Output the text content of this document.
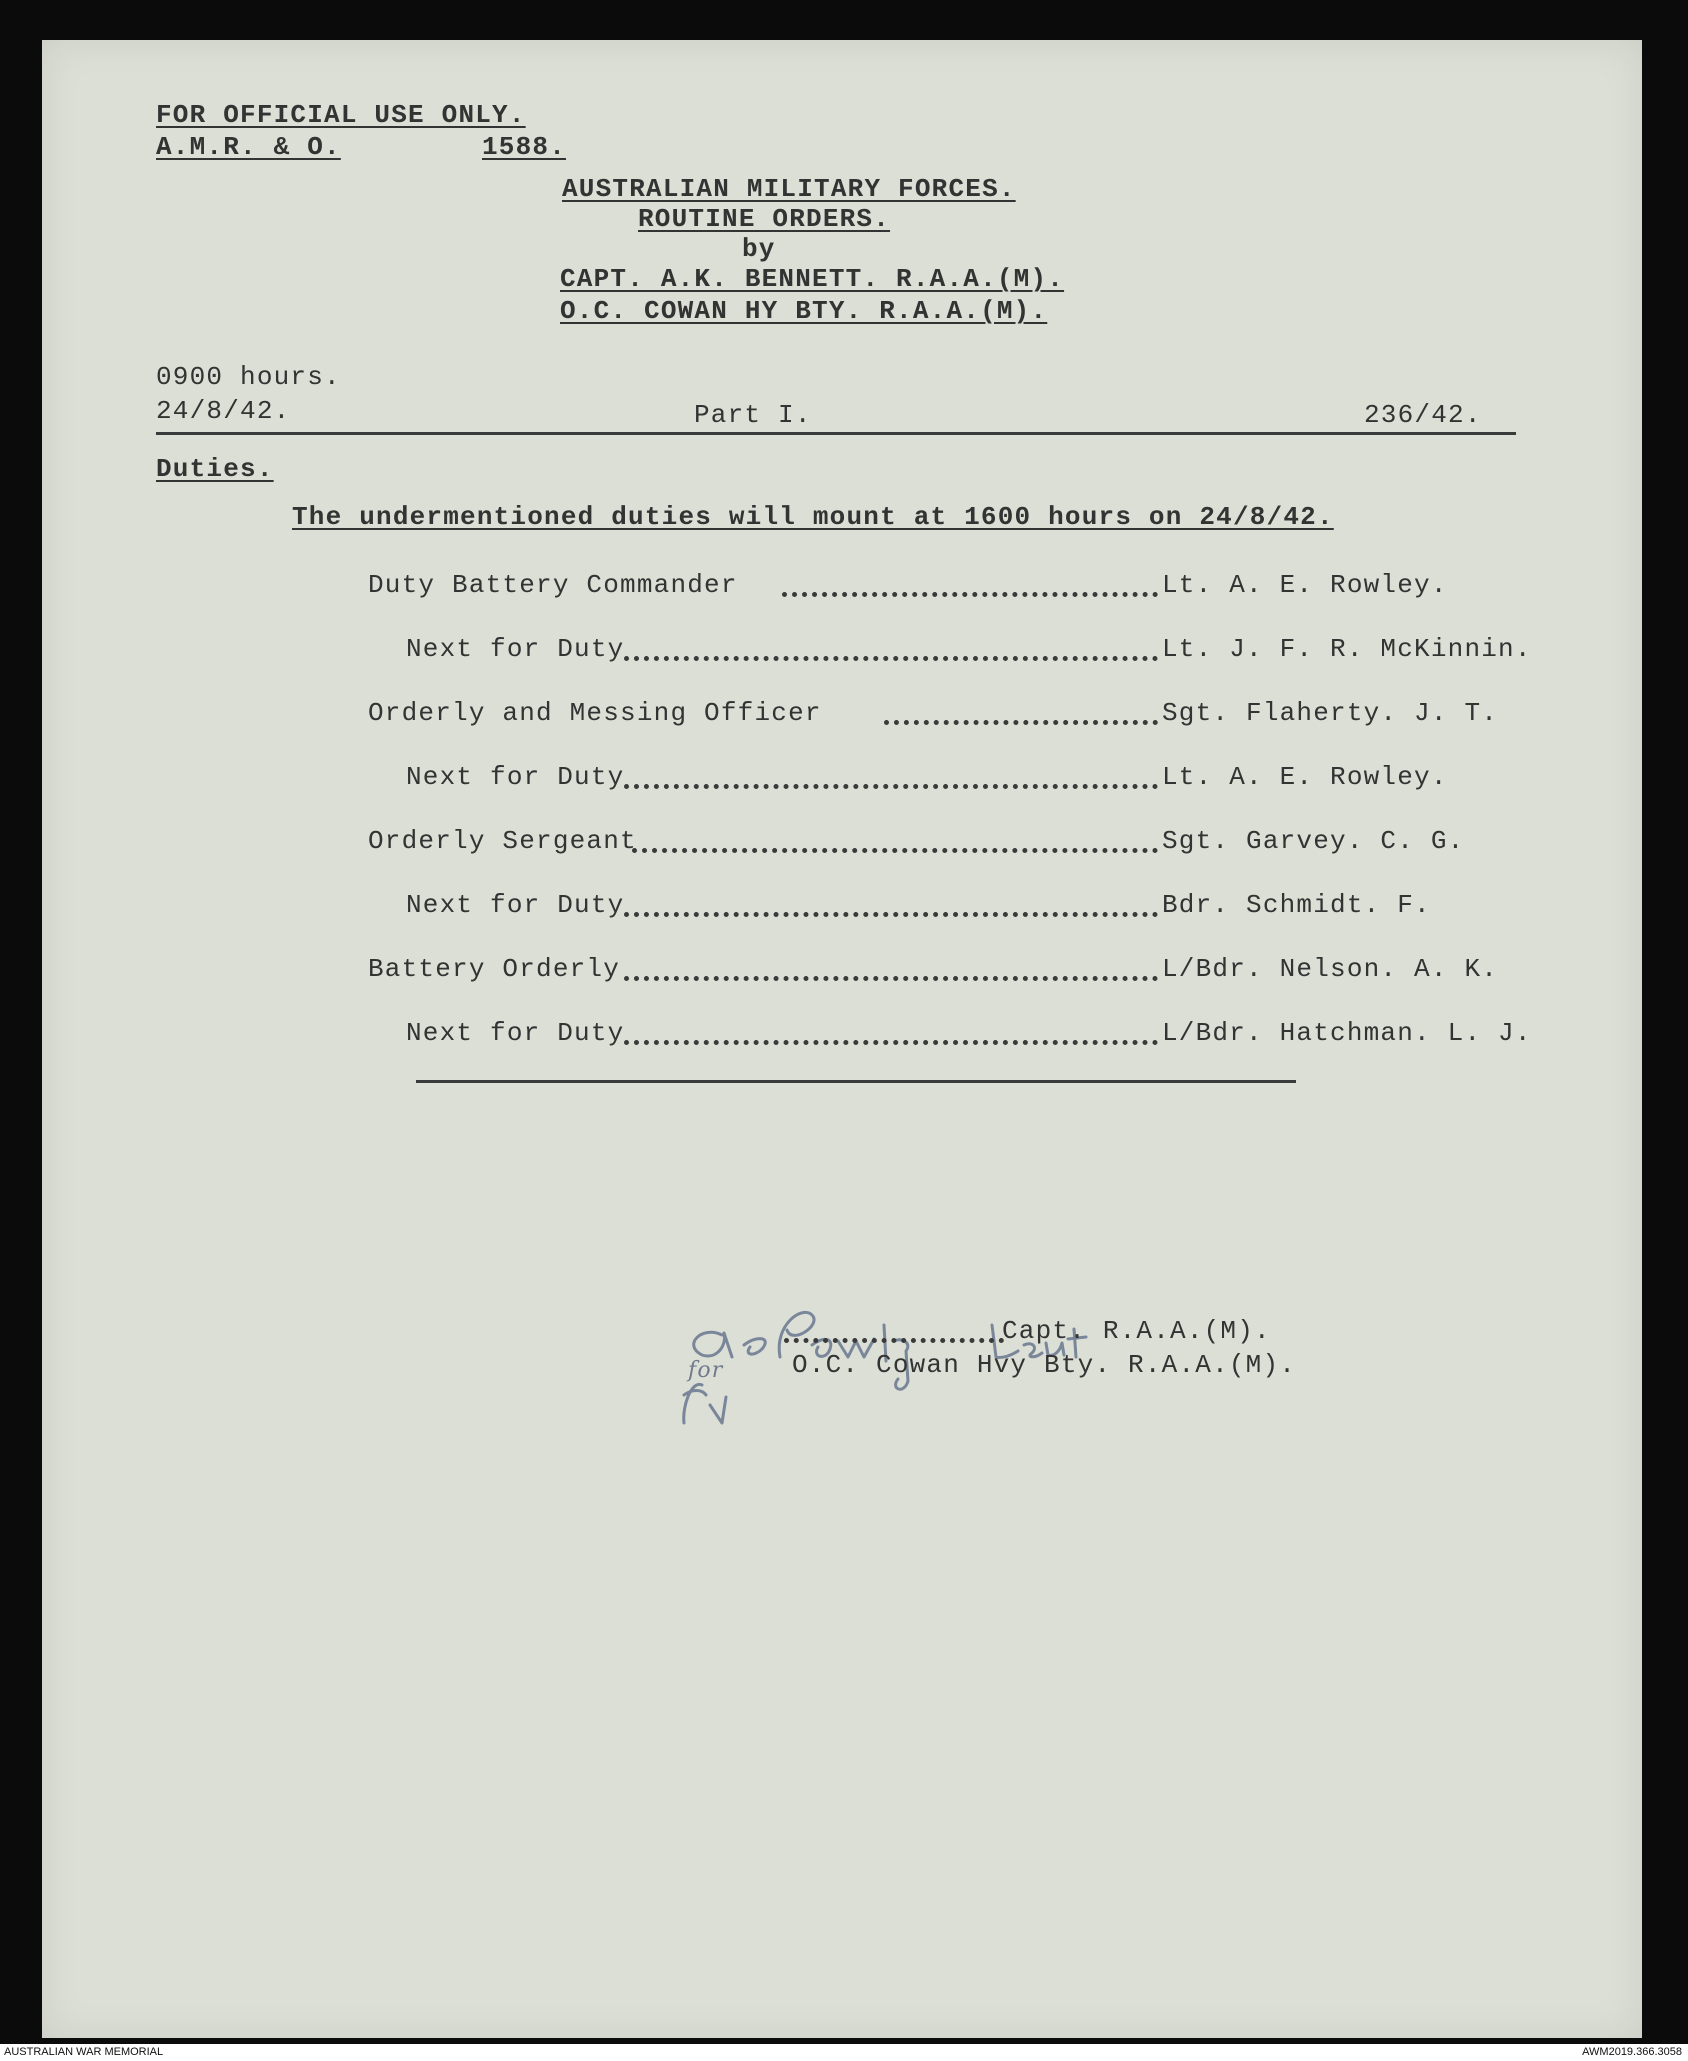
FOR OFFICIAL USE ONLY.
A.M.R. & O.	1588.
AUSTRALIAN MILITARY FORCES.
ROUTINE ORDERS.
by
CAPT. A.K. BENNETT. R.A.A.(M).
O.C. COWAN HY BTY. R.A.A.(M).
0900 hours.
24/8/42.	Part I.	236/42.
Duties.
The undermentioned duties will mount at 1600 hours on 24/8/42.
Duty Battery Commander	Lt. A. E. Rowley.
Next for Duty	Lt. J. F. R. McKinnin.
Orderly and Messing Officer	Sgt. Flaherty. J. T.
Next for Duty	Lt. A. E. Rowley.
Orderly Sergeant	Sgt. Garvey. C. G.
Next for Duty	Bdr. Schmidt. F.
Battery Orderly	L/Bdr. Nelson. A. K.
Next for Duty	L/Bdr. Hatchman. L. J.
for
Capt. R.A.A.(M).
O.C. Cowan Hvy Bty. R.A.A.(M).
AUSTRALIAN WAR MEMORIAL	AWM2019.366.3058
